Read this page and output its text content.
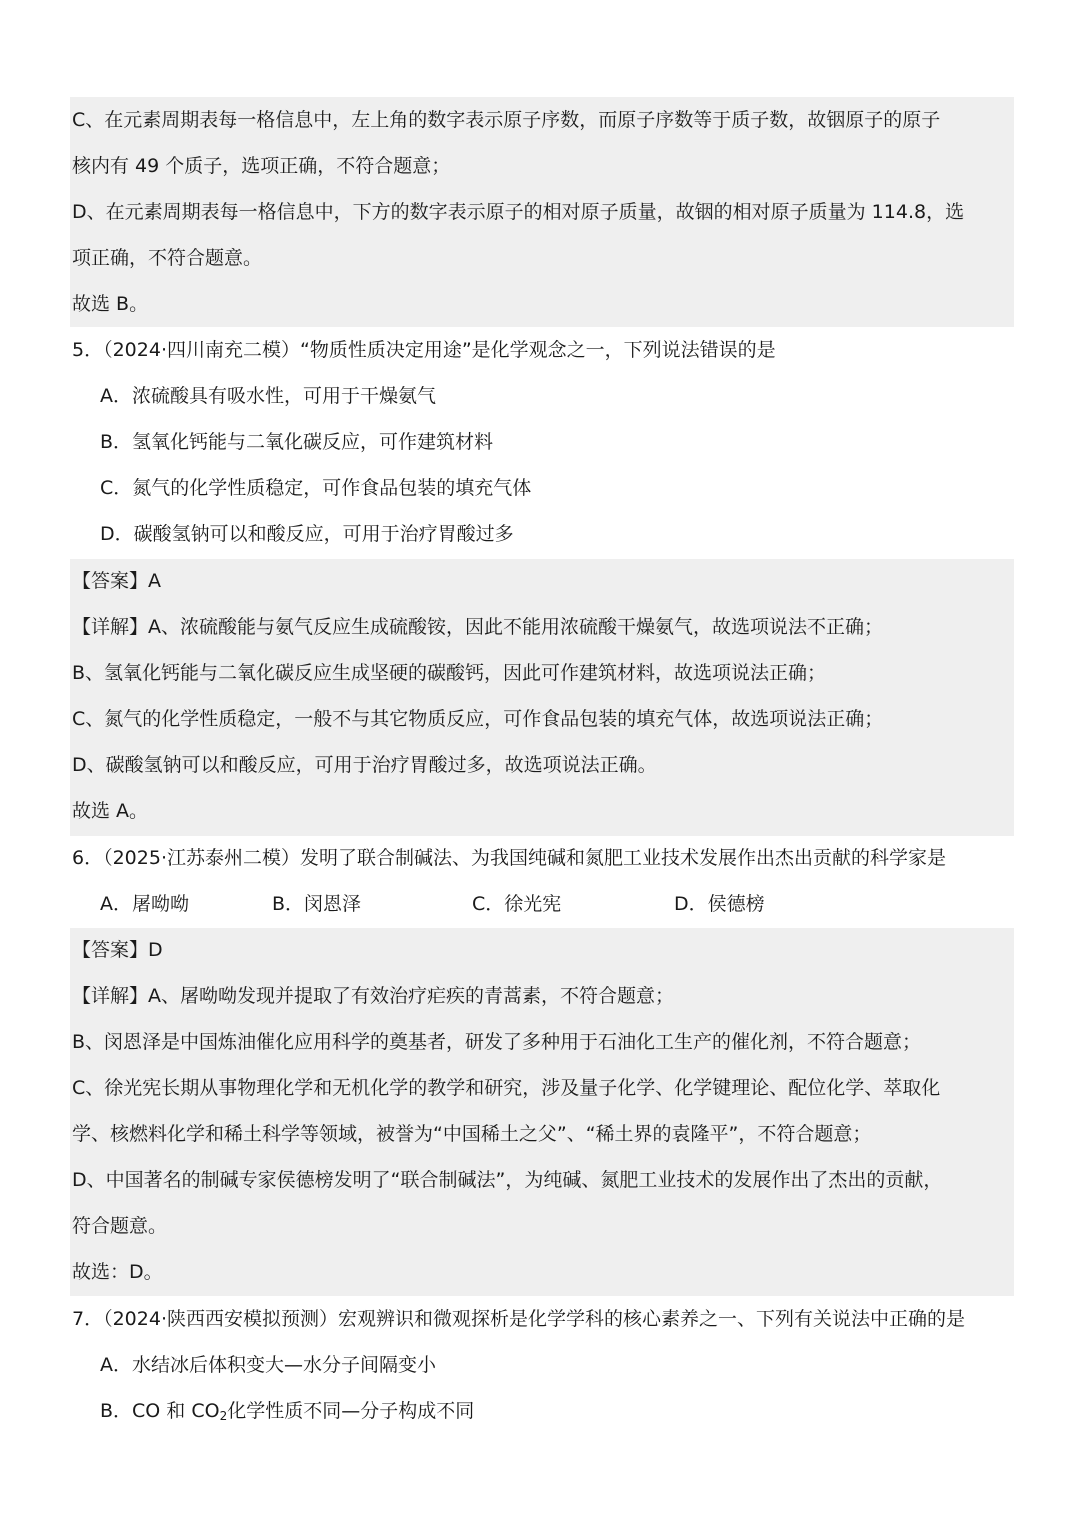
C、在元素周期表每一格信息中，左上角的数字表示原子序数，而原子序数等于质子数，故铟原子的原子
核内有 49 个质子，选项正确，不符合题意；
D、在元素周期表每一格信息中，下方的数字表示原子的相对原子质量，故铟的相对原子质量为 114.8，选
项正确，不符合题意。
故选 B。
5．（2024·四川南充二模）“物质性质决定用途”是化学观念之一，下列说法错误的是
A．浓硫酸具有吸水性，可用于干燥氨气
B．氢氧化钙能与二氧化碳反应，可作建筑材料
C．氮气的化学性质稳定，可作食品包装的填充气体
D．碳酸氢钠可以和酸反应，可用于治疗胃酸过多
【答案】A
【详解】A、浓硫酸能与氨气反应生成硫酸铵，因此不能用浓硫酸干燥氨气，故选项说法不正确；
B、氢氧化钙能与二氧化碳反应生成坚硬的碳酸钙，因此可作建筑材料，故选项说法正确；
C、氮气的化学性质稳定，一般不与其它物质反应，可作食品包装的填充气体，故选项说法正确；
D、碳酸氢钠可以和酸反应，可用于治疗胃酸过多，故选项说法正确。
故选 A。
6．（2025·江苏泰州二模）发明了联合制碱法、为我国纯碱和氮肥工业技术发展作出杰出贡献的科学家是
A．屠呦呦	B．闵恩泽	C．徐光宪	D．侯德榜
【答案】D
【详解】A、屠呦呦发现并提取了有效治疗疟疾的青蒿素，不符合题意；
B、闵恩泽是中国炼油催化应用科学的奠基者，研发了多种用于石油化工生产的催化剂，不符合题意；
C、徐光宪长期从事物理化学和无机化学的教学和研究，涉及量子化学、化学键理论、配位化学、萃取化
学、核燃料化学和稀土科学等领域，被誉为“中国稀土之父”、“稀土界的袁隆平”，不符合题意；
D、中国著名的制碱专家侯德榜发明了“联合制碱法”，为纯碱、氮肥工业技术的发展作出了杰出的贡献，
符合题意。
故选：D。
7．（2024·陕西西安模拟预测）宏观辨识和微观探析是化学学科的核心素养之一、下列有关说法中正确的是
A．水结冰后体积变大—水分子间隔变小
B．CO 和 $CO_2$化学性质不同—分子构成不同
